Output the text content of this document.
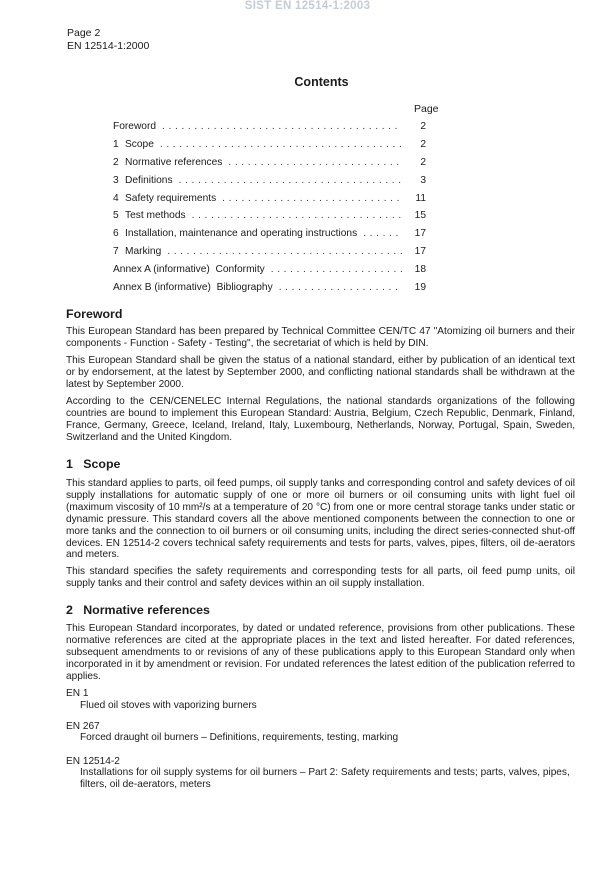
SIST EN 12514-1:2003
Page 2
EN 12514-1:2000
Contents
Page
Foreword . . .	2
1 Scope . . .	2
2 Normative references . . .	2
3 Definitions . . .	3
4 Safety requirements . . .	11
5 Test methods . . .	15
6 Installation, maintenance and operating instructions . . .	17
7 Marking . . .	17
Annex A (informative)  Conformity . . .	18
Annex B (informative)  Bibliography . . .	19
Foreword
This European Standard has been prepared by Technical Committee CEN/TC 47 "Atomizing oil burners and their components - Function - Safety - Testing", the secretariat of which is held by DIN.
This European Standard shall be given the status of a national standard, either by publication of an identical text or by endorsement, at the latest by September 2000, and conflicting national standards shall be withdrawn at the latest by September 2000.
According to the CEN/CENELEC Internal Regulations, the national standards organizations of the following countries are bound to implement this European Standard: Austria, Belgium, Czech Republic, Denmark, Finland, France, Germany, Greece, Iceland, Ireland, Italy, Luxembourg, Netherlands, Norway, Portugal, Spain, Sweden, Switzerland and the United Kingdom.
1   Scope
This standard applies to parts, oil feed pumps, oil supply tanks and corresponding control and safety devices of oil supply installations for automatic supply of one or more oil burners or oil consuming units with light fuel oil (maximum viscosity of 10 mm²/s at a temperature of 20 °C) from one or more central storage tanks under static or dynamic pressure. This standard covers all the above mentioned components between the connection to one or more tanks and the connection to oil burners or oil consuming units, including the direct series-connected shut-off devices. EN 12514-2 covers technical safety requirements and tests for parts, valves, pipes, filters, oil de-aerators and meters.
This standard specifies the safety requirements and corresponding tests for all parts, oil feed pump units, oil supply tanks and their control and safety devices within an oil supply installation.
2   Normative references
This European Standard incorporates, by dated or undated reference, provisions from other publications. These normative references are cited at the appropriate places in the text and listed hereafter. For dated references, subsequent amendments to or revisions of any of these publications apply to this European Standard only when incorporated in it by amendment or revision. For undated references the latest edition of the publication referred to applies.
EN 1
Flued oil stoves with vaporizing burners
EN 267
Forced draught oil burners – Definitions, requirements, testing, marking
EN 12514-2
Installations for oil supply systems for oil burners – Part 2: Safety requirements and tests; parts, valves, pipes, filters, oil de-aerators, meters
